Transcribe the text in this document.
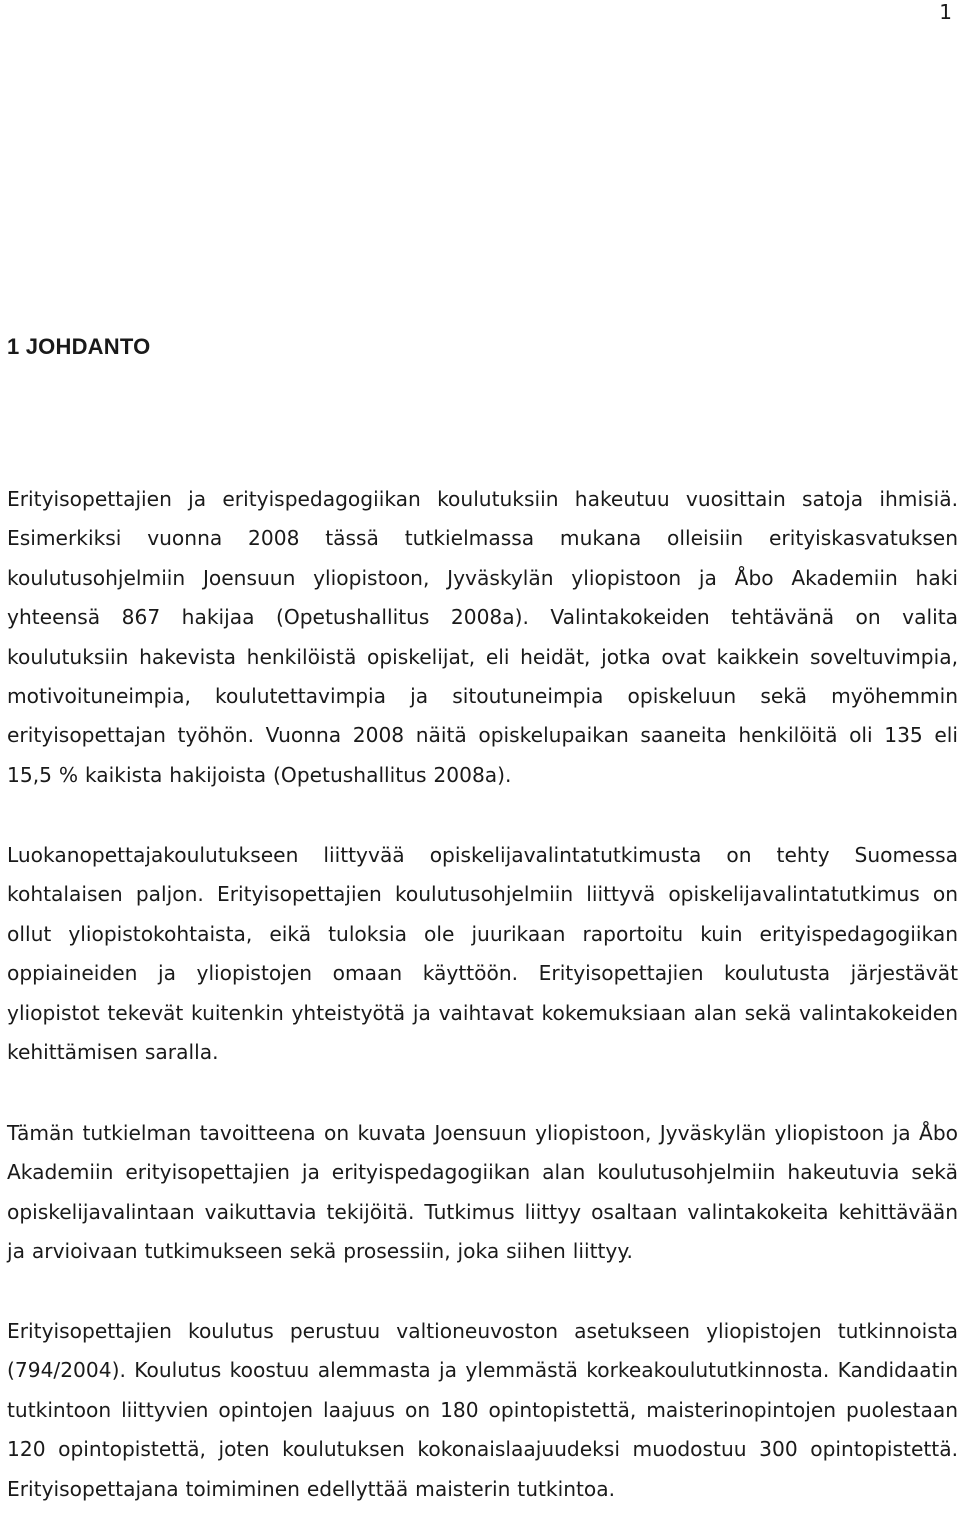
1
1 JOHDANTO

Erityisopettajien ja erityispedagogiikan koulutuksiin hakeutuu vuosittain satoja ihmisiä. Esimerkiksi vuonna 2008 tässä tutkielmassa mukana olleisiin erityiskasvatuksen koulutusohjelmiin Joensuun yliopistoon, Jyväskylän yliopistoon ja Åbo Akademiin haki yhteensä 867 hakijaa (Opetushallitus 2008a). Valintakokeiden tehtävänä on valita koulutuksiin hakevista henkilöistä opiskelijat, eli heidät, jotka ovat kaikkein soveltuvimpia, motivoituneimpia, koulutettavimpia ja sitoutuneimpia opiskeluun sekä myöhemmin erityisopettajan työhön. Vuonna 2008 näitä opiskelupaikan saaneita henkilöitä oli 135 eli 15,5 % kaikista hakijoista (Opetushallitus 2008a).

Luokanopettajakoulutukseen liittyvää opiskelijavalintatutkimusta on tehty Suomessa kohtalaisen paljon. Erityisopettajien koulutusohjelmiin liittyvä opiskelijavalintatutkimus on ollut yliopistokohtaista, eikä tuloksia ole juurikaan raportoitu kuin erityispedagogiikan oppiaineiden ja yliopistojen omaan käyttöön. Erityisopettajien koulutusta järjestävät yliopistot tekevät kuitenkin yhteistyötä ja vaihtavat kokemuksiaan alan sekä valintakokeiden kehittämisen saralla.

Tämän tutkielman tavoitteena on kuvata Joensuun yliopistoon, Jyväskylän yliopistoon ja Åbo Akademiin erityisopettajien ja erityispedagogiikan alan koulutusohjelmiin hakeutuvia sekä opiskelijavalintaan vaikuttavia tekijöitä. Tutkimus liittyy osaltaan valintakokeita kehittävään ja arvioivaan tutkimukseen sekä prosessiin, joka siihen liittyy.

Erityisopettajien koulutus perustuu valtioneuvoston asetukseen yliopistojen tutkinnoista (794/2004). Koulutus koostuu alemmasta ja ylemmästä korkeakoulututkinnosta. Kandidaatin tutkintoon liittyvien opintojen laajuus on 180 opintopistettä, maisterinopintojen puolestaan 120 opintopistettä, joten koulutuksen kokonaislaajuudeksi muodostuu 300 opintopistettä. Erityisopettajana toimiminen edellyttää maisterin tutkintoa.
